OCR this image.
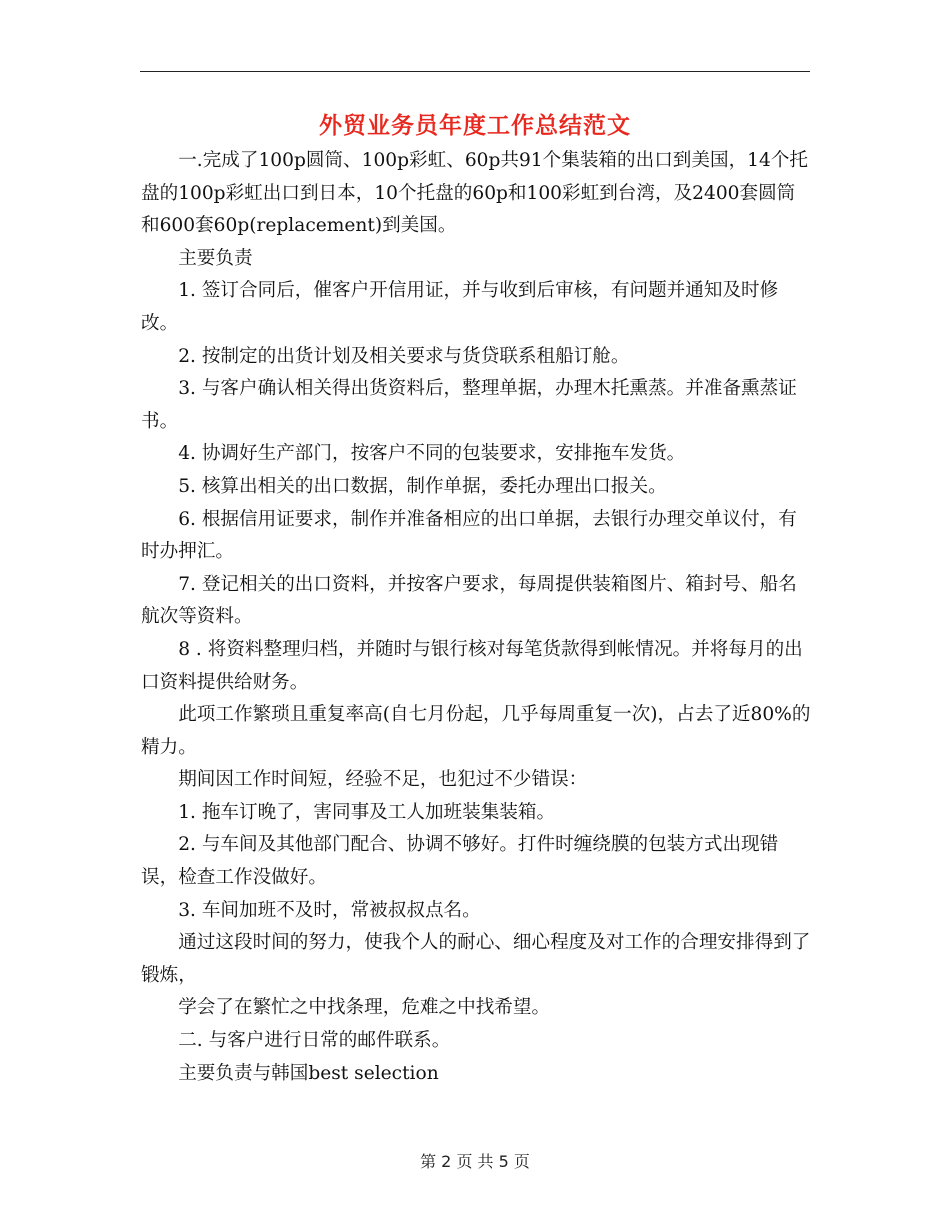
外贸业务员年度工作总结范文

一.完成了100p圆筒、100p彩虹、60p共91个集装箱的出口到美国，14个托盘的100p彩虹出口到日本，10个托盘的60p和100彩虹到台湾，及2400套圆筒和600套60p(replacement)到美国。

主要负责

1. 签订合同后，催客户开信用证，并与收到后审核，有问题并通知及时修改。

2. 按制定的出货计划及相关要求与货贷联系租船订舱。

3. 与客户确认相关得出货资料后，整理单据，办理木托熏蒸。并准备熏蒸证书。

4. 协调好生产部门，按客户不同的包装要求，安排拖车发货。

5. 核算出相关的出口数据，制作单据，委托办理出口报关。

6. 根据信用证要求，制作并准备相应的出口单据，去银行办理交单议付，有时办押汇。

7. 登记相关的出口资料，并按客户要求，每周提供装箱图片、箱封号、船名航次等资料。

8 . 将资料整理归档，并随时与银行核对每笔货款得到帐情况。并将每月的出口资料提供给财务。

此项工作繁琐且重复率高(自七月份起，几乎每周重复一次)，占去了近80%的精力。

期间因工作时间短，经验不足，也犯过不少错误：

1. 拖车订晚了，害同事及工人加班装集装箱。

2. 与车间及其他部门配合、协调不够好。打件时缠绕膜的包装方式出现错误，检查工作没做好。

3. 车间加班不及时，常被叔叔点名。

通过这段时间的努力，使我个人的耐心、细心程度及对工作的合理安排得到了锻炼，

学会了在繁忙之中找条理，危难之中找希望。

二. 与客户进行日常的邮件联系。

主要负责与韩国best selection

第 2 页 共 5 页
